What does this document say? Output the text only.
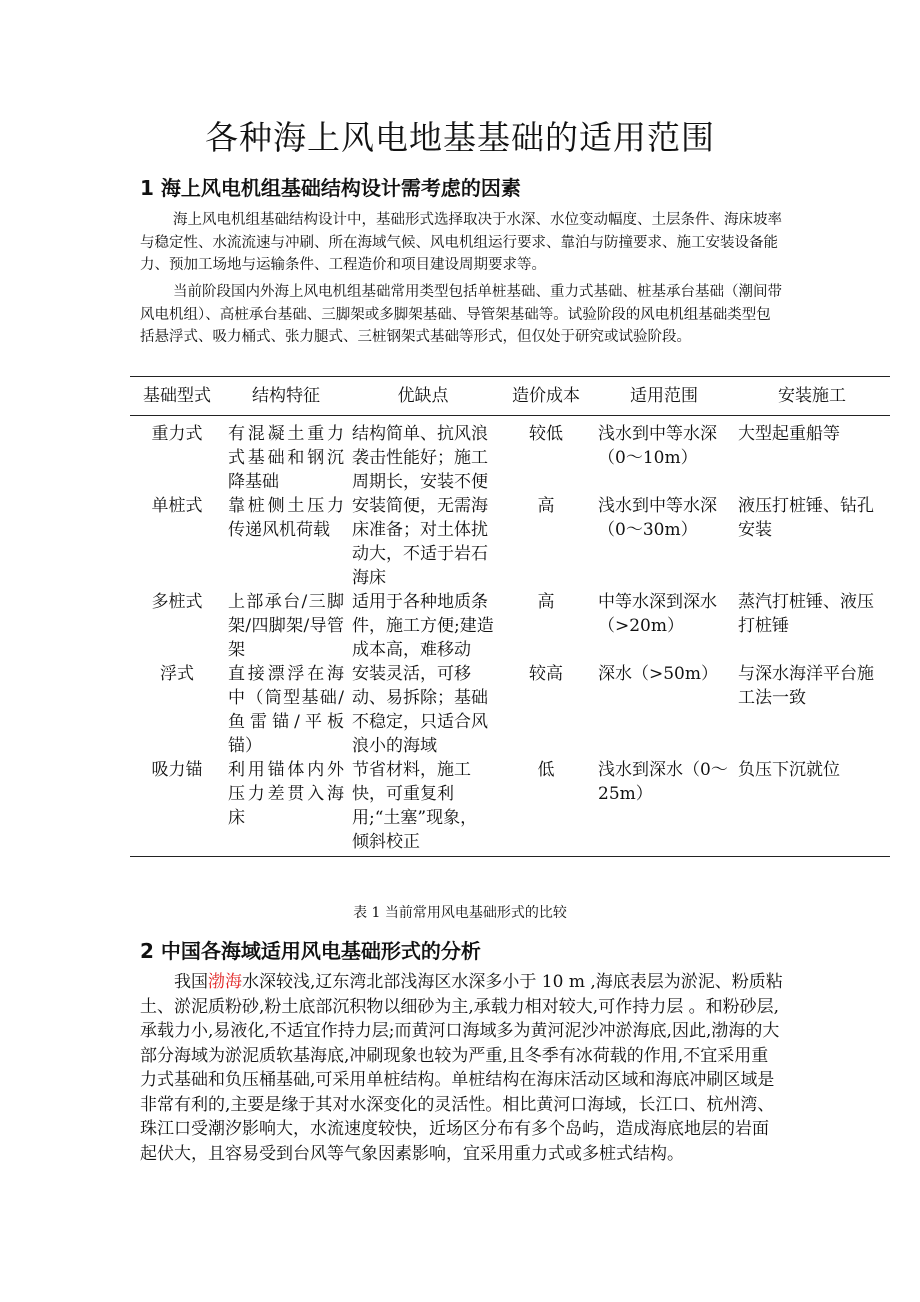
各种海上风电地基基础的适用范围
1 海上风电机组基础结构设计需考虑的因素
海上风电机组基础结构设计中，基础形式选择取决于水深、水位变动幅度、土层条件、海床坡率与稳定性、水流流速与冲刷、所在海域气候、风电机组运行要求、靠泊与防撞要求、施工安装设备能力、预加工场地与运输条件、工程造价和项目建设周期要求等。
当前阶段国内外海上风电机组基础常用类型包括单桩基础、重力式基础、桩基承台基础（潮间带风电机组）、高桩承台基础、三脚架或多脚架基础、导管架基础等。试验阶段的风电机组基础类型包括悬浮式、吸力桶式、张力腿式、三桩钢架式基础等形式，但仅处于研究或试验阶段。
基础型式	结构特征	优缺点	造价成本	适用范围	安装施工
重力式	有混凝土重力式基础和钢沉降基础	结构简单、抗风浪袭击性能好；施工周期长，安装不便	较低	浅水到中等水深（0～10m）	大型起重船等
单桩式	靠桩侧土压力传递风机荷载	安装简便，无需海床准备；对土体扰动大，不适于岩石海床	高	浅水到中等水深（0～30m）	液压打桩锤、钻孔安装
多桩式	上部承台/三脚架/四脚架/导管架	适用于各种地质条件，施工方便;建造成本高，难移动	高	中等水深到深水（>20m）	蒸汽打桩锤、液压打桩锤
浮式	直接漂浮在海中（筒型基础/鱼雷锚/平板锚）	安装灵活，可移动、易拆除；基础不稳定，只适合风浪小的海域	较高	深水（>50m）	与深水海洋平台施工法一致
吸力锚	利用锚体内外压力差贯入海床	节省材料，施工快，可重复利用;“土塞”现象，倾斜校正	低	浅水到深水（0～25m）	负压下沉就位
表 1 当前常用风电基础形式的比较
2 中国各海域适用风电基础形式的分析
我国渤海水深较浅,辽东湾北部浅海区水深多小于 10 m ,海底表层为淤泥、粉质粘土、淤泥质粉砂,粉土底部沉积物以细砂为主,承载力相对较大,可作持力层 。和粉砂层,承载力小,易液化,不适宜作持力层;而黄河口海域多为黄河泥沙冲淤海底,因此,渤海的大部分海域为淤泥质软基海底,冲刷现象也较为严重,且冬季有冰荷载的作用,不宜采用重力式基础和负压桶基础,可采用单桩结构。单桩结构在海床活动区域和海底冲刷区域是非常有利的,主要是缘于其对水深变化的灵活性。相比黄河口海域，长江口、杭州湾、珠江口受潮汐影响大，水流速度较快，近场区分布有多个岛屿，造成海底地层的岩面起伏大，且容易受到台风等气象因素影响，宜采用重力式或多桩式结构。
